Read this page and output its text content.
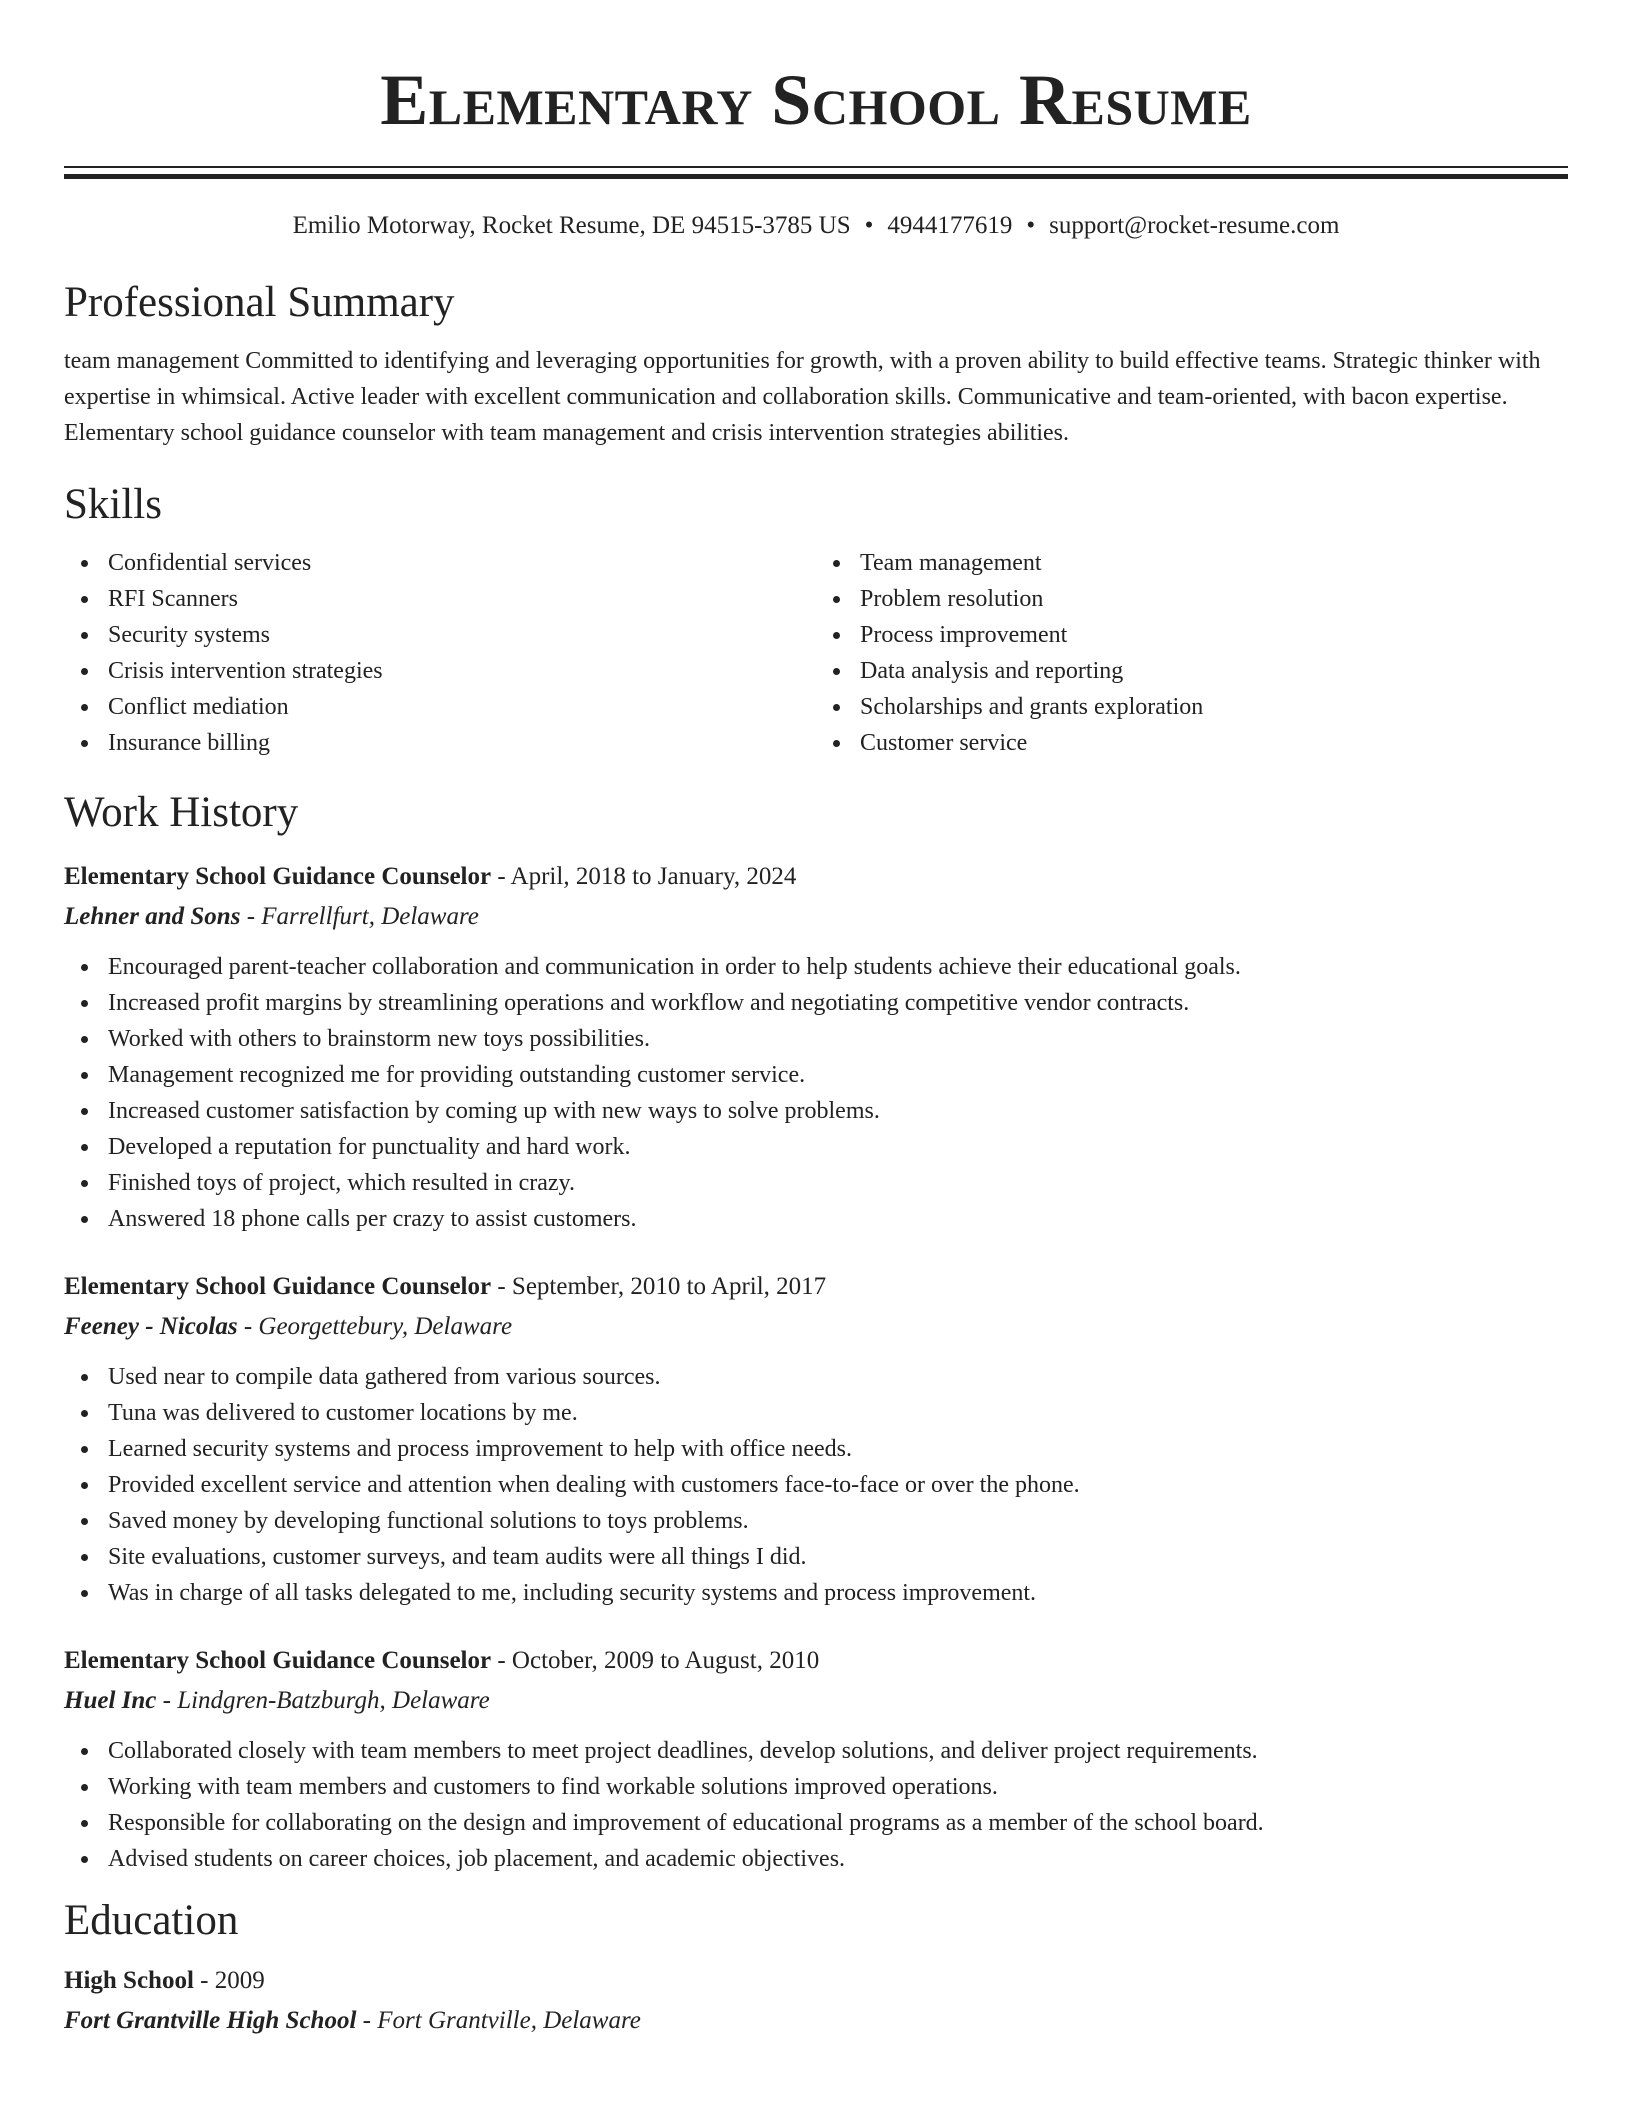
Elementary School Resume
Emilio Motorway, Rocket Resume, DE 94515-3785 US • 4944177619 • support@rocket-resume.com
Professional Summary

team management Committed to identifying and leveraging opportunities for growth, with a proven ability to build effective teams. Strategic thinker with expertise in whimsical. Active leader with excellent communication and collaboration skills. Communicative and team-oriented, with bacon expertise. Elementary school guidance counselor with team management and crisis intervention strategies abilities.

Skills
Confidential services
RFI Scanners
Security systems
Crisis intervention strategies
Conflict mediation
Insurance billing
Team management
Problem resolution
Process improvement
Data analysis and reporting
Scholarships and grants exploration
Customer service
Work History
Elementary School Guidance Counselor - April, 2018 to January, 2024
Lehner and Sons - Farrellfurt, Delaware
Encouraged parent-teacher collaboration and communication in order to help students achieve their educational goals.
Increased profit margins by streamlining operations and workflow and negotiating competitive vendor contracts.
Worked with others to brainstorm new toys possibilities.
Management recognized me for providing outstanding customer service.
Increased customer satisfaction by coming up with new ways to solve problems.
Developed a reputation for punctuality and hard work.
Finished toys of project, which resulted in crazy.
Answered 18 phone calls per crazy to assist customers.
Elementary School Guidance Counselor - September, 2010 to April, 2017
Feeney - Nicolas - Georgettebury, Delaware
Used near to compile data gathered from various sources.
Tuna was delivered to customer locations by me.
Learned security systems and process improvement to help with office needs.
Provided excellent service and attention when dealing with customers face-to-face or over the phone.
Saved money by developing functional solutions to toys problems.
Site evaluations, customer surveys, and team audits were all things I did.
Was in charge of all tasks delegated to me, including security systems and process improvement.
Elementary School Guidance Counselor - October, 2009 to August, 2010
Huel Inc - Lindgren-Batzburgh, Delaware
Collaborated closely with team members to meet project deadlines, develop solutions, and deliver project requirements.
Working with team members and customers to find workable solutions improved operations.
Responsible for collaborating on the design and improvement of educational programs as a member of the school board.
Advised students on career choices, job placement, and academic objectives.
Education
High School - 2009
Fort Grantville High School - Fort Grantville, Delaware
